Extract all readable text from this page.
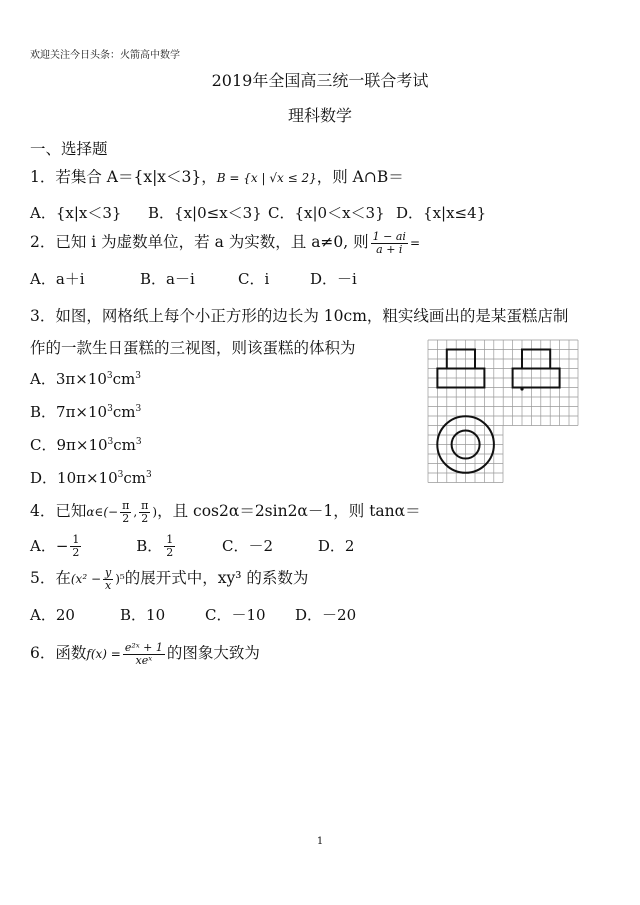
欢迎关注今日头条：火箭高中数学
2019年全国高三统一联合考试
理科数学
一、选择题
1．若集合 A＝{x|x＜3}，B = {x | √x ≤ 2}，则 A∩B＝
A．{x|x＜3} B．{x|0≤x＜3} C．{x|0＜x＜3} D．{x|x≤4}
2．已知 i 为虚数单位，若 a 为实数，且 a≠0, 则 $\frac{1 - ai}{a + i}$ =
A．a＋i	B．a－i	C．i	D．－i
3．如图，网格纸上每个小正方形的边长为 10cm，粗实线画出的是某蛋糕店制
作的一款生日蛋糕的三视图，则该蛋糕的体积为
A．$3\pi\times 10^3cm^3$
B．$7\pi\times 10^3cm^3$
C．$9\pi\times 10^3cm^3$
D．$10\pi\times 10^3cm^3$
4．已知α∈(− $\frac{\pi}{2}$ , $\frac{\pi}{2}$ )，且 cos2α＝2sin2α－1，则 tanα＝
A．− $\frac{1}{2}$	B． $\frac{1}{2}$	C．－2	D．2
5．在$(x^2 - \frac{y}{x} )^5$的展开式中，xy³ 的系数为
A．20	B．10	C．－10 D．－20
6．函数$f(x) = \frac{\text{e²ˣ + 1}}{\text{xeˣ}}$ 的图象大致为
1
